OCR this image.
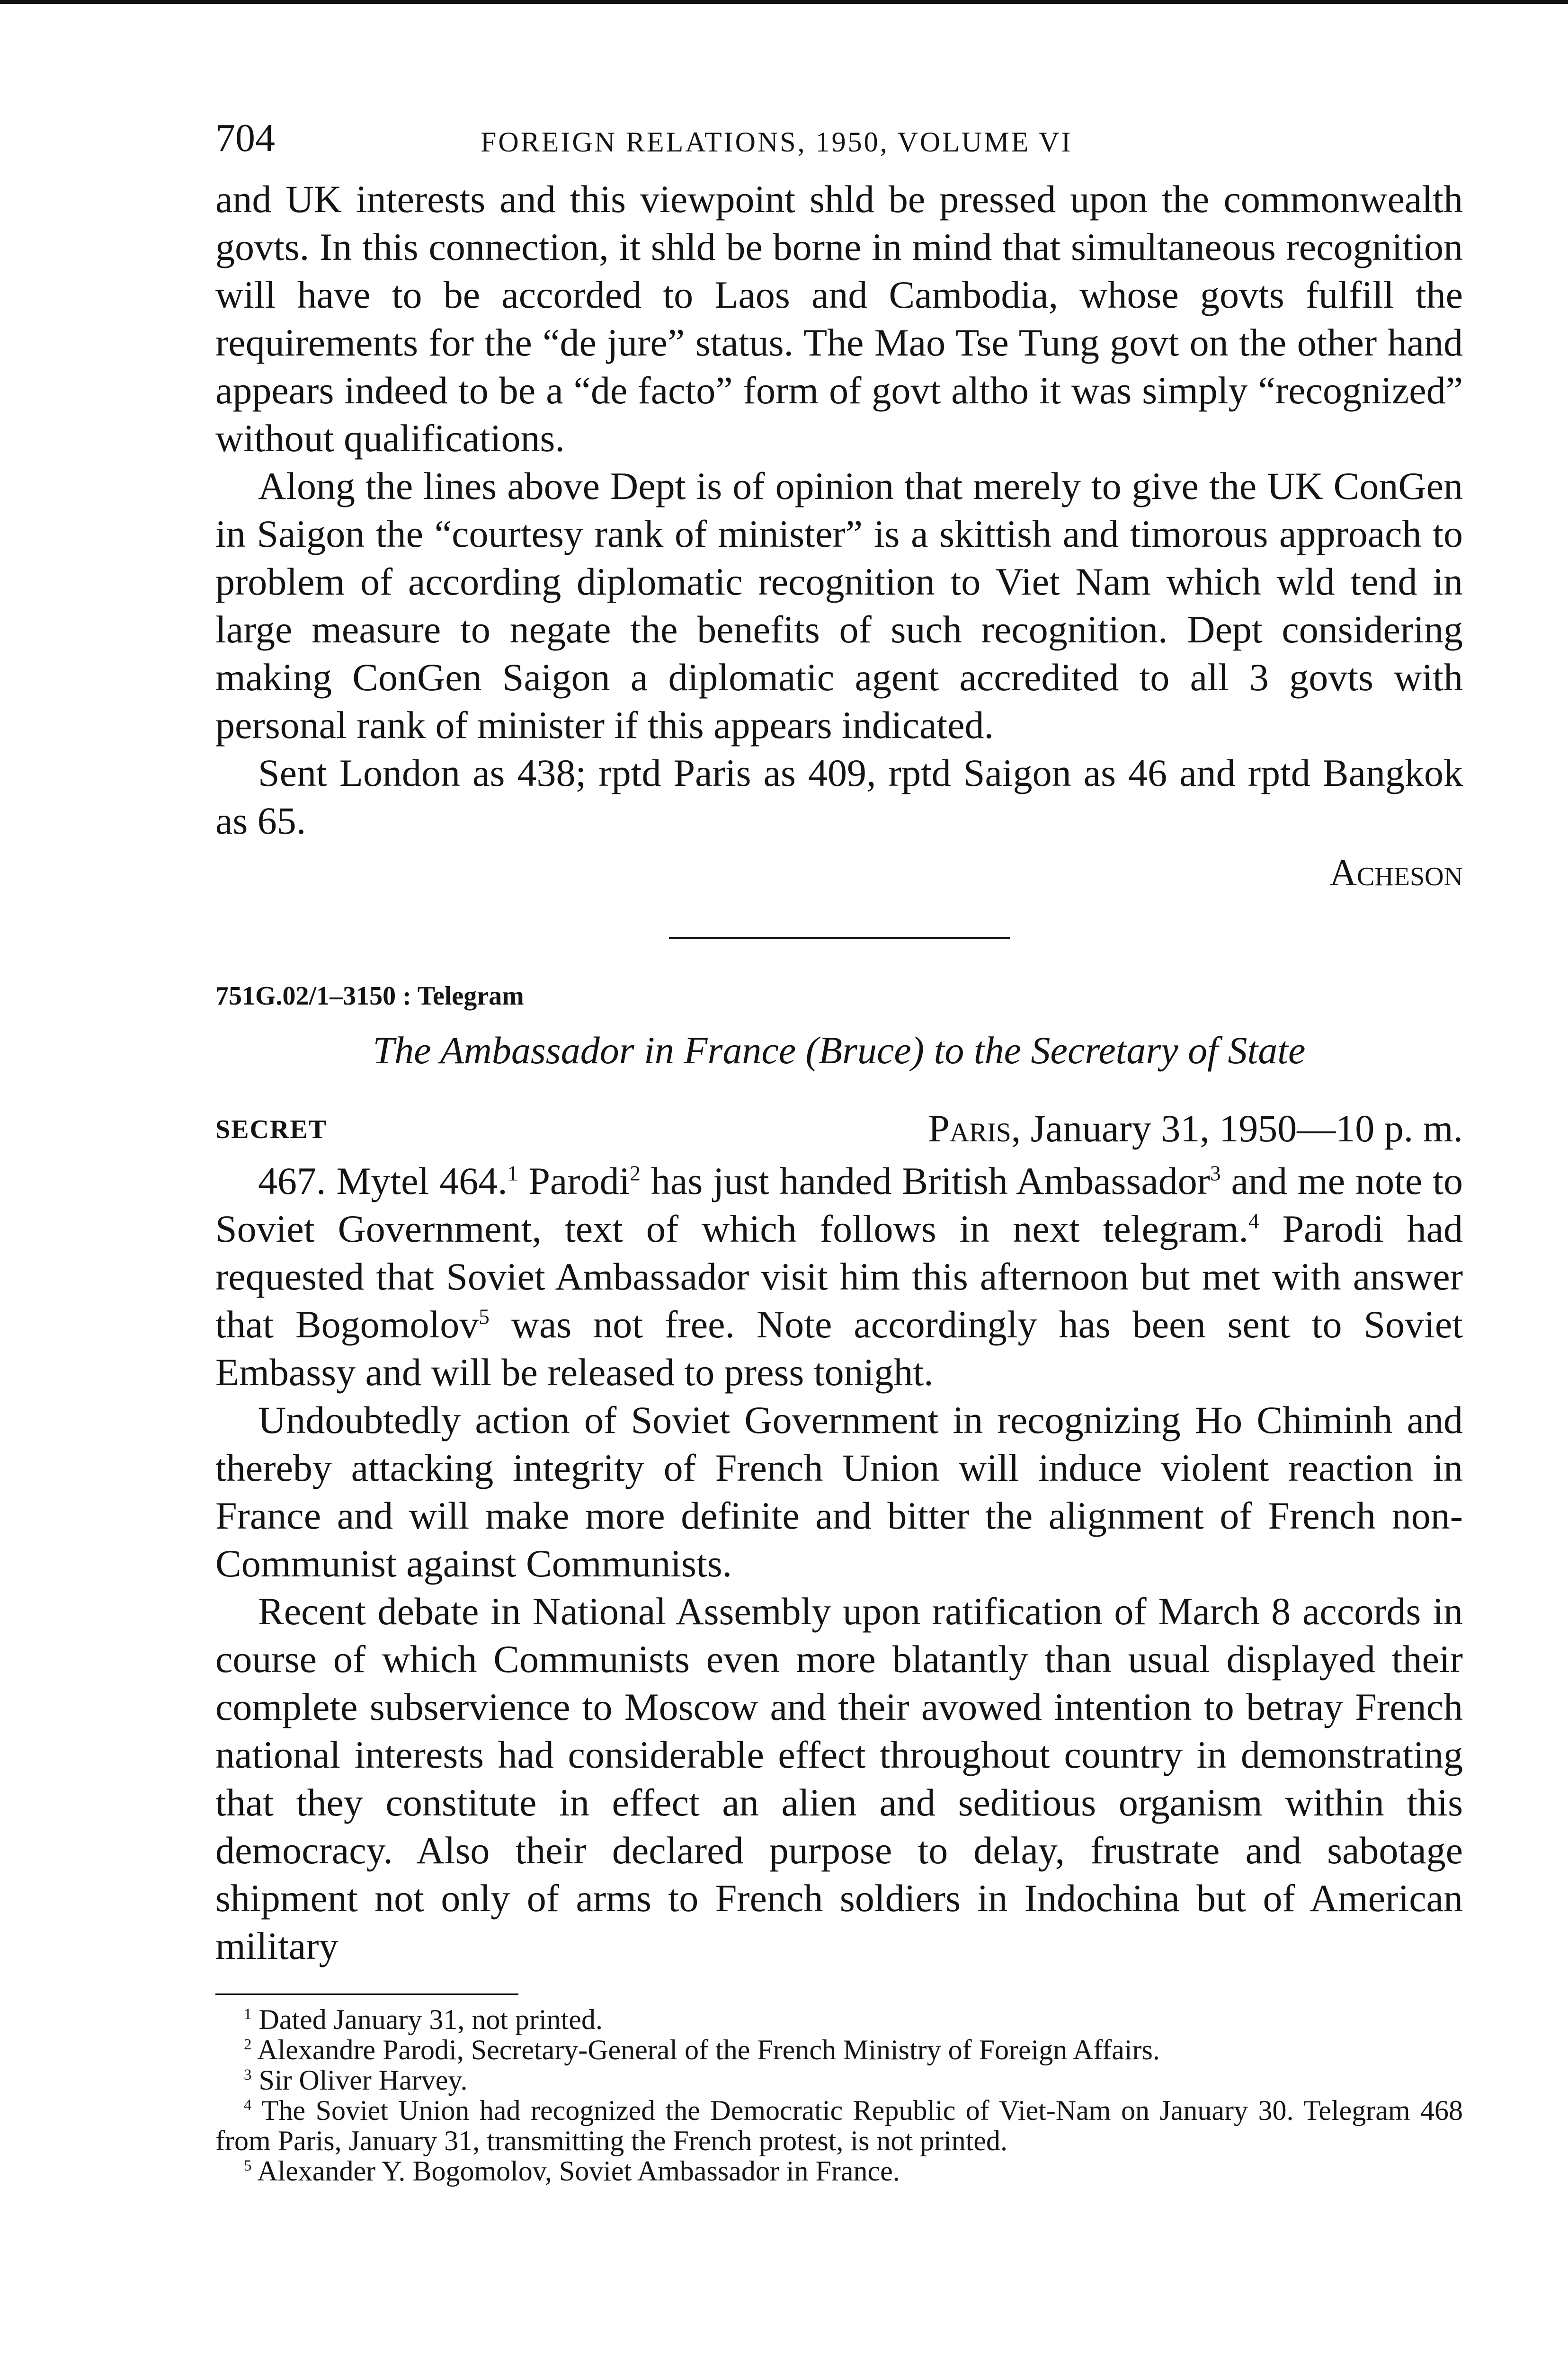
704	FOREIGN RELATIONS, 1950, VOLUME VI

and UK interests and this viewpoint shld be pressed upon the commonwealth govts. In this connection, it shld be borne in mind that simultaneous recognition will have to be accorded to Laos and Cambodia, whose govts fulfill the requirements for the “de jure” status. The Mao Tse Tung govt on the other hand appears indeed to be a “de facto” form of govt altho it was simply “recognized” without qualifications.

Along the lines above Dept is of opinion that merely to give the UK ConGen in Saigon the “courtesy rank of minister” is a skittish and timorous approach to problem of according diplomatic recognition to Viet Nam which wld tend in large measure to negate the benefits of such recognition. Dept considering making ConGen Saigon a diplomatic agent accredited to all 3 govts with personal rank of minister if this appears indicated.

Sent London as 438; rptd Paris as 409, rptd Saigon as 46 and rptd Bangkok as 65.

Acheson
751G.02/1–3150 : Telegram
The Ambassador in France (Bruce) to the Secretary of State
SECRET	Paris, January 31, 1950—10 p. m.

467. Mytel 464.$^1$ Parodi$^2$ has just handed British Ambassador$^3$ and me note to Soviet Government, text of which follows in next telegram.$^4$ Parodi had requested that Soviet Ambassador visit him this afternoon but met with answer that Bogomolov$^5$ was not free. Note accordingly has been sent to Soviet Embassy and will be released to press tonight.

Undoubtedly action of Soviet Government in recognizing Ho Chiminh and thereby attacking integrity of French Union will induce violent reaction in France and will make more definite and bitter the alignment of French non-Communist against Communists.

Recent debate in National Assembly upon ratification of March 8 accords in course of which Communists even more blatantly than usual displayed their complete subservience to Moscow and their avowed intention to betray French national interests had considerable effect throughout country in demonstrating that they constitute in effect an alien and seditious organism within this democracy. Also their declared purpose to delay, frustrate and sabotage shipment not only of arms to French soldiers in Indochina but of American military

$^1$ Dated January 31, not printed.

$^2$ Alexandre Parodi, Secretary-General of the French Ministry of Foreign Affairs.

$^3$ Sir Oliver Harvey.

$^4$ The Soviet Union had recognized the Democratic Republic of Viet-Nam on January 30. Telegram 468 from Paris, January 31, transmitting the French protest, is not printed.

$^5$ Alexander Y. Bogomolov, Soviet Ambassador in France.
